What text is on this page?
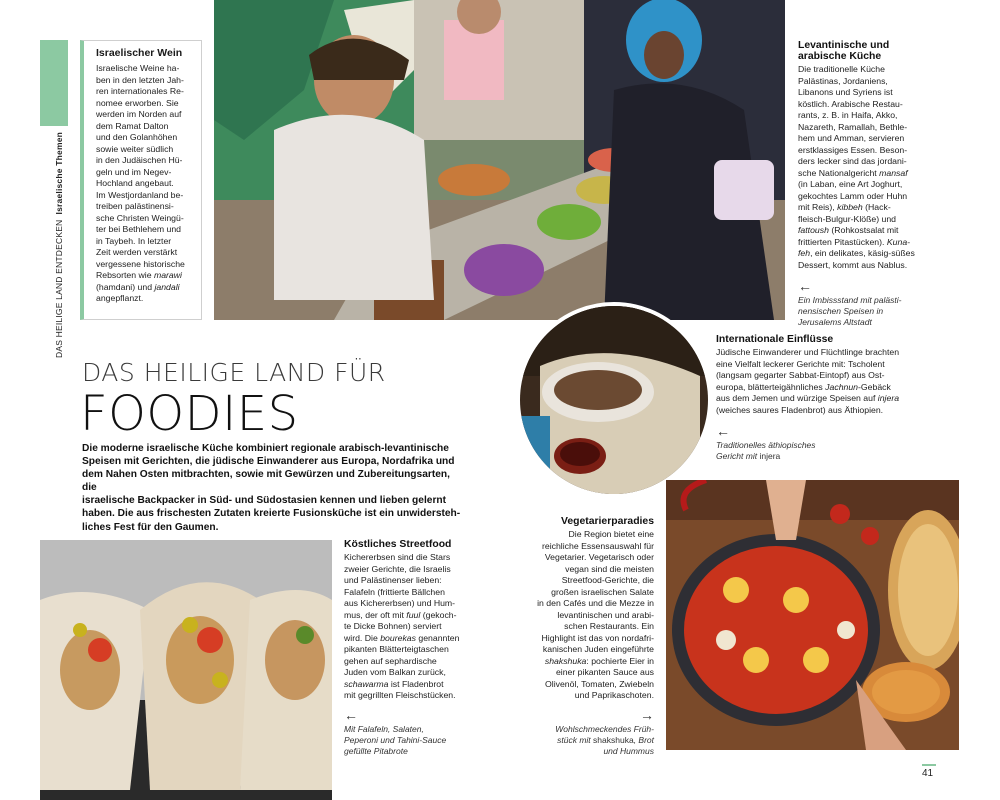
DAS HEILIGE LAND ENTDECKEN  Israelische Themen
Israelischer Wein
Israelische Weine ha-
ben in den letzten Jah-
ren internationales Re-
nomee erworben. Sie
werden im Norden auf
dem Ramat Dalton
und den Golanhöhen
sowie weiter südlich
in den Judäischen Hü-
geln und im Negev-
Hochland angebaut.
Im Westjordanland be-
treiben palästinensi-
sche Christen Weingü-
ter bei Bethlehem und
in Taybeh. In letzter
Zeit werden verstärkt
vergessene historische
Rebsorten wie marawi
(hamdani) und jandali
angepflanzt.
Levantinische und
arabische Küche
Die traditionelle Küche
Palästinas, Jordaniens,
Libanons und Syriens ist
köstlich. Arabische Restau-
rants, z. B. in Haifa, Akko,
Nazareth, Ramallah, Bethle-
hem und Amman, servieren
erstklassiges Essen. Beson-
ders lecker sind das jordani-
sche Nationalgericht mansaf
(in Laban, eine Art Joghurt,
gekochtes Lamm oder Huhn
mit Reis), kibbeh (Hack-
fleisch-Bulgur-Klöße) und
fattoush (Rohkostsalat mit
frittierten Pitastücken). Kuna-
feh, ein delikates, käsig-süßes
Dessert, kommt aus Nablus.
←
Ein Imbissstand mit palästi-
nensischen Speisen in
Jerusalems Altstadt
DAS HEILIGE LAND FÜR
FOODIES
Die moderne israelische Küche kombiniert regionale arabisch-levantinische
Speisen mit Gerichten, die jüdische Einwanderer aus Europa, Nordafrika und
dem Nahen Osten mitbrachten, sowie mit Gewürzen und Zubereitungsarten, die
israelische Backpacker in Süd- und Südostasien kennen und lieben gelernt
haben. Die aus frischesten Zutaten kreierte Fusionsküche ist ein unwidersteh-
liches Fest für den Gaumen.
Internationale Einflüsse
Jüdische Einwanderer und Flüchtlinge brachten
eine Vielfalt leckerer Gerichte mit: Tscholent
(langsam gegarter Sabbat-Eintopf) aus Ost-
europa, blätterteigähnliches Jachnun-Gebäck
aus dem Jemen und würzige Speisen auf injera
(weiches saures Fladenbrot) aus Äthiopien.
←
Traditionelles äthiopisches
Gericht mit injera
Köstliches Streetfood
Kichererbsen sind die Stars
zweier Gerichte, die Israelis
und Palästinenser lieben:
Falafeln (frittierte Bällchen
aus Kichererbsen) und Hum-
mus, der oft mit fuul (gekoch-
te Dicke Bohnen) serviert
wird. Die bourekas genannten
pikanten Blätterteigtaschen
gehen auf sephardische
Juden vom Balkan zurück,
schawarma ist Fladenbrot
mit gegrillten Fleischstücken.
←
Mit Falafeln, Salaten,
Peperoni und Tahini-Sauce
gefüllte Pitabrote
Vegetarierparadies
Die Region bietet eine
reichliche Essensauswahl für
Vegetarier. Vegetarisch oder
vegan sind die meisten
Streetfood-Gerichte, die
großen israelischen Salate
in den Cafés und die Mezze in
levantinischen und arabi-
schen Restaurants. Ein
Highlight ist das von nordafri-
kanischen Juden eingeführte
shakshuka: pochierte Eier in
einer pikanten Sauce aus
Olivenöl, Tomaten, Zwiebeln
und Paprikaschoten.
→
Wohlschmeckendes Früh-
stück mit shakshuka, Brot
und Hummus
41
